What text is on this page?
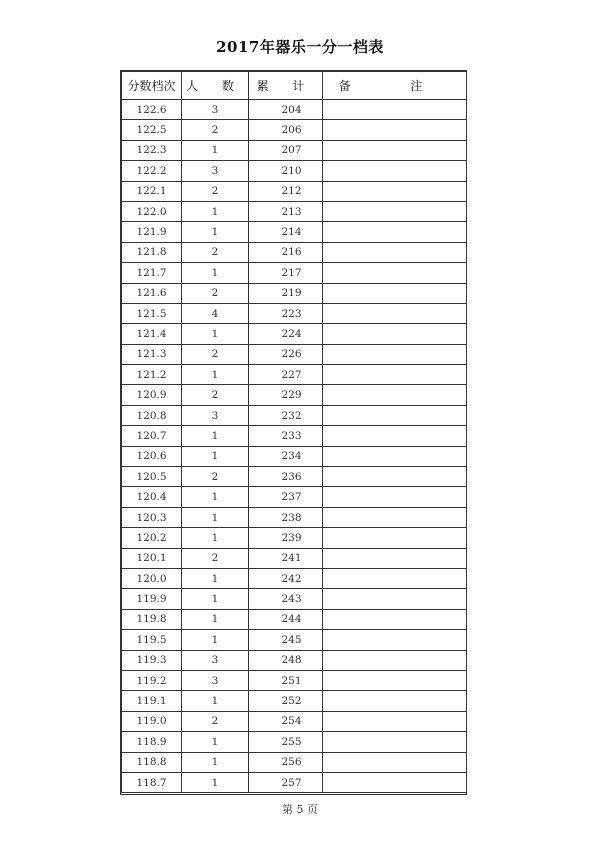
2017年器乐一分一档表
分数档次	人 数	累 计	备 注
122.6	3	204	
122.5	2	206	
122.3	1	207	
122.2	3	210	
122.1	2	212	
122.0	1	213	
121.9	1	214	
121.8	2	216	
121.7	1	217	
121.6	2	219	
121.5	4	223	
121.4	1	224	
121.3	2	226	
121.2	1	227	
120.9	2	229	
120.8	3	232	
120.7	1	233	
120.6	1	234	
120.5	2	236	
120.4	1	237	
120.3	1	238	
120.2	1	239	
120.1	2	241	
120.0	1	242	
119.9	1	243	
119.8	1	244	
119.5	1	245	
119.3	3	248	
119.2	3	251	
119.1	1	252	
119.0	2	254	
118.9	1	255	
118.8	1	256	
118.7	1	257	
第 5 页
